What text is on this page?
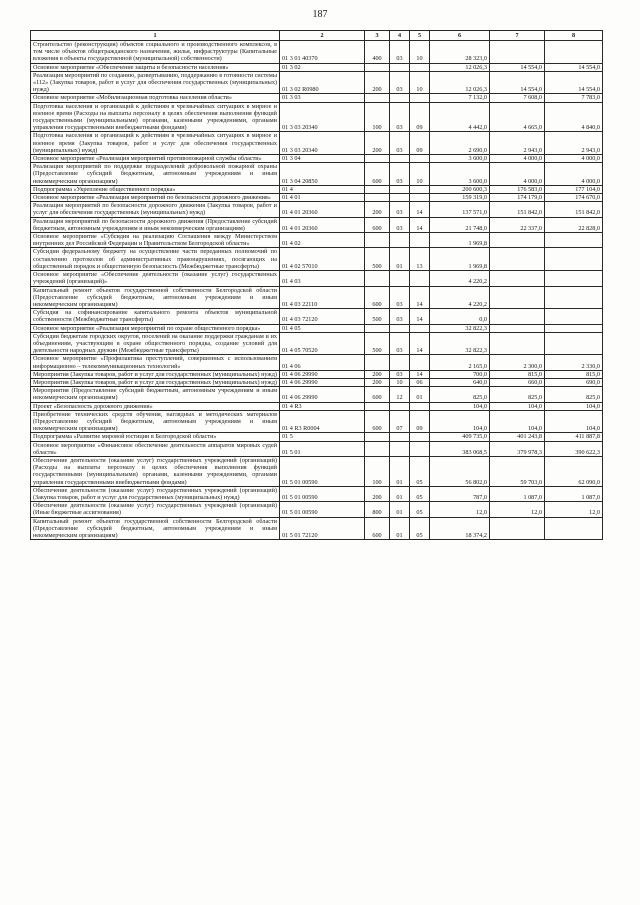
187
1	2	3	4	5	6	7	8
Строительство (реконструкция) объектов социального и производственного комплексов, в том числе объектов общегражданского назначения, жилья, инфраструктуры (Капитальные вложения в объекты государственной (муниципальной) собственности)	01 3 01 40370	400	03	10	28 323,0		
Основное мероприятие «Обеспечение защиты и безопасности населения»	01 3 02				12 026,3	14 554,0	14 554,0
Реализация мероприятий по созданию, развертыванию, поддержанию в готовности системы «112» (Закупка товаров, работ и услуг для обеспечения государственных (муниципальных) нужд)	01 3 02 R0980	200	03	10	12 026,3	14 554,0	14 554,0
Основное мероприятие «Мобилизационная подготовка населения области»	01 3 03				7 132,0	7 608,0	7 783,0
Подготовка населения и организаций к действиям в чрезвычайных ситуациях в мирное и военное время (Расходы на выплаты персоналу в целях обеспечения выполнения функций государственными (муниципальными) органами, казенными учреждениями, органами управления государственными внебюджетными фондами)	01 3 03 20340	100	03	09	4 442,0	4 665,0	4 840,0
Подготовка населения и организаций к действиям в чрезвычайных ситуациях в мирное и военное время (Закупка товаров, работ и услуг для обеспечения государственных (муниципальных) нужд)	01 3 03 20340	200	03	09	2 690,0	2 943,0	2 943,0
Основное мероприятие «Реализация мероприятий противопожарной службы области»	01 3 04				3 600,0	4 000,0	4 000,0
Реализация мероприятий по поддержке подразделений добровольной пожарной охраны (Предоставление субсидий бюджетным, автономным учреждениям и иным некоммерческим организациям)	01 3 04 20850	600	03	10	3 600,0	4 000,0	4 000,0
Подпрограмма «Укрепление общественного порядка»	01 4				200 600,3	176 583,0	177 104,0
Основное мероприятие «Реализация мероприятий по безопасности дорожного движения»	01 4 01				159 319,0	174 179,0	174 670,0
Реализация мероприятий по безопасности дорожного движения (Закупка товаров, работ и услуг для обеспечения государственных (муниципальных) нужд)	01 4 01 20360	200	03	14	137 571,0	151 842,0	151 842,0
Реализация мероприятий по безопасности дорожного движения (Предоставление субсидий бюджетным, автономным учреждениям и иным некоммерческим организациям)	01 4 01 20360	600	03	14	21 748,0	22 337,0	22 828,0
Основное мероприятие «Субсидия на реализацию Соглашения между Министерством внутренних дел Российской Федерации и Правительством Белгородской области»	01 4 02				1 969,8		
Субсидии федеральному бюджету на осуществление части переданных полномочий по составлению протоколов об административных правонарушениях, посягающих на общественный порядок и общественную безопасность (Межбюджетные трансферты)	01 4 02 57010	500	01	13	1 969,8		
Основное мероприятие «Обеспечение деятельности (оказание услуг) государственных учреждений (организаций)»	01 4 03				4 220,2		
Капитальный ремонт объектов государственной собственности Белгородской области (Предоставление субсидий бюджетным, автономным учреждениям и иным некоммерческим организациям)	01 4 03 22110	600	03	14	4 220,2		
Субсидия на софинансирование капитального ремонта объектов муниципальной собственности (Межбюджетные трансферты)	01 4 03 72120	500	03	14	0,0		
Основное мероприятие «Реализация мероприятий по охране общественного порядка»	01 4 05				32 822,3		
Субсидии бюджетам городских округов, поселений на оказание поддержки гражданам и их объединениям, участвующим в охране общественного порядка, создание условий для деятельности народных дружин (Межбюджетные трансферты)	01 4 05 70520	500	03	14	32 822,3		
Основное мероприятие «Профилактика преступлений, совершенных с использованием информационно – телекоммуникационных технологий»	01 4 06				2 165,0	2 300,0	2 330,0
Мероприятия (Закупка товаров, работ и услуг для государственных (муниципальных) нужд)	01 4 06 29990	200	03	14	700,0	815,0	815,0
Мероприятия (Закупка товаров, работ и услуг для государственных (муниципальных) нужд)	01 4 06 29990	200	10	06	640,0	660,0	690,0
Мероприятия (Предоставление субсидий бюджетным, автономным учреждениям и иным некоммерческим организациям)	01 4 06 29990	600	12	01	825,0	825,0	825,0
Проект «Безопасность дорожного движения»	01 4 R3				104,0	104,0	104,0
Приобретение технических средств обучения, наглядных и методических материалов (Предоставление субсидий бюджетным, автономным учреждениям и иным некоммерческим организациям)	01 4 R3 R0004	600	07	09	104,0	104,0	104,0
Подпрограмма «Развитие мировой юстиции в Белгородской области»	01 5				409 735,0	401 243,8	411 887,8
Основное мероприятие «Финансовое обеспечение деятельности аппаратов мировых судей области»	01 5 01				383 068,5	379 978,3	390 622,3
Обеспечение деятельности (оказание услуг) государственных учреждений (организаций) (Расходы на выплаты персоналу в целях обеспечения выполнения функций государственными (муниципальными) органами, казенными учреждениями, органами управления государственными внебюджетными фондами)	01 5 01 00590	100	01	05	56 802,0	59 703,0	62 090,0
Обеспечение деятельности (оказание услуг) государственных учреждений (организаций) (Закупка товаров, работ и услуг для государственных (муниципальных) нужд)	01 5 01 00590	200	01	05	787,0	1 087,0	1 087,0
Обеспечение деятельности (оказание услуг) государственных учреждений (организаций) (Иные бюджетные ассигнования)	01 5 01 00590	800	01	05	12,0	12,0	12,0
Капитальный ремонт объектов государственной собственности Белгородской области (Предоставление субсидий бюджетным, автономным учреждениям и иным некоммерческим организациям)	01 5 01 72120	600	01	05	18 374,2		
